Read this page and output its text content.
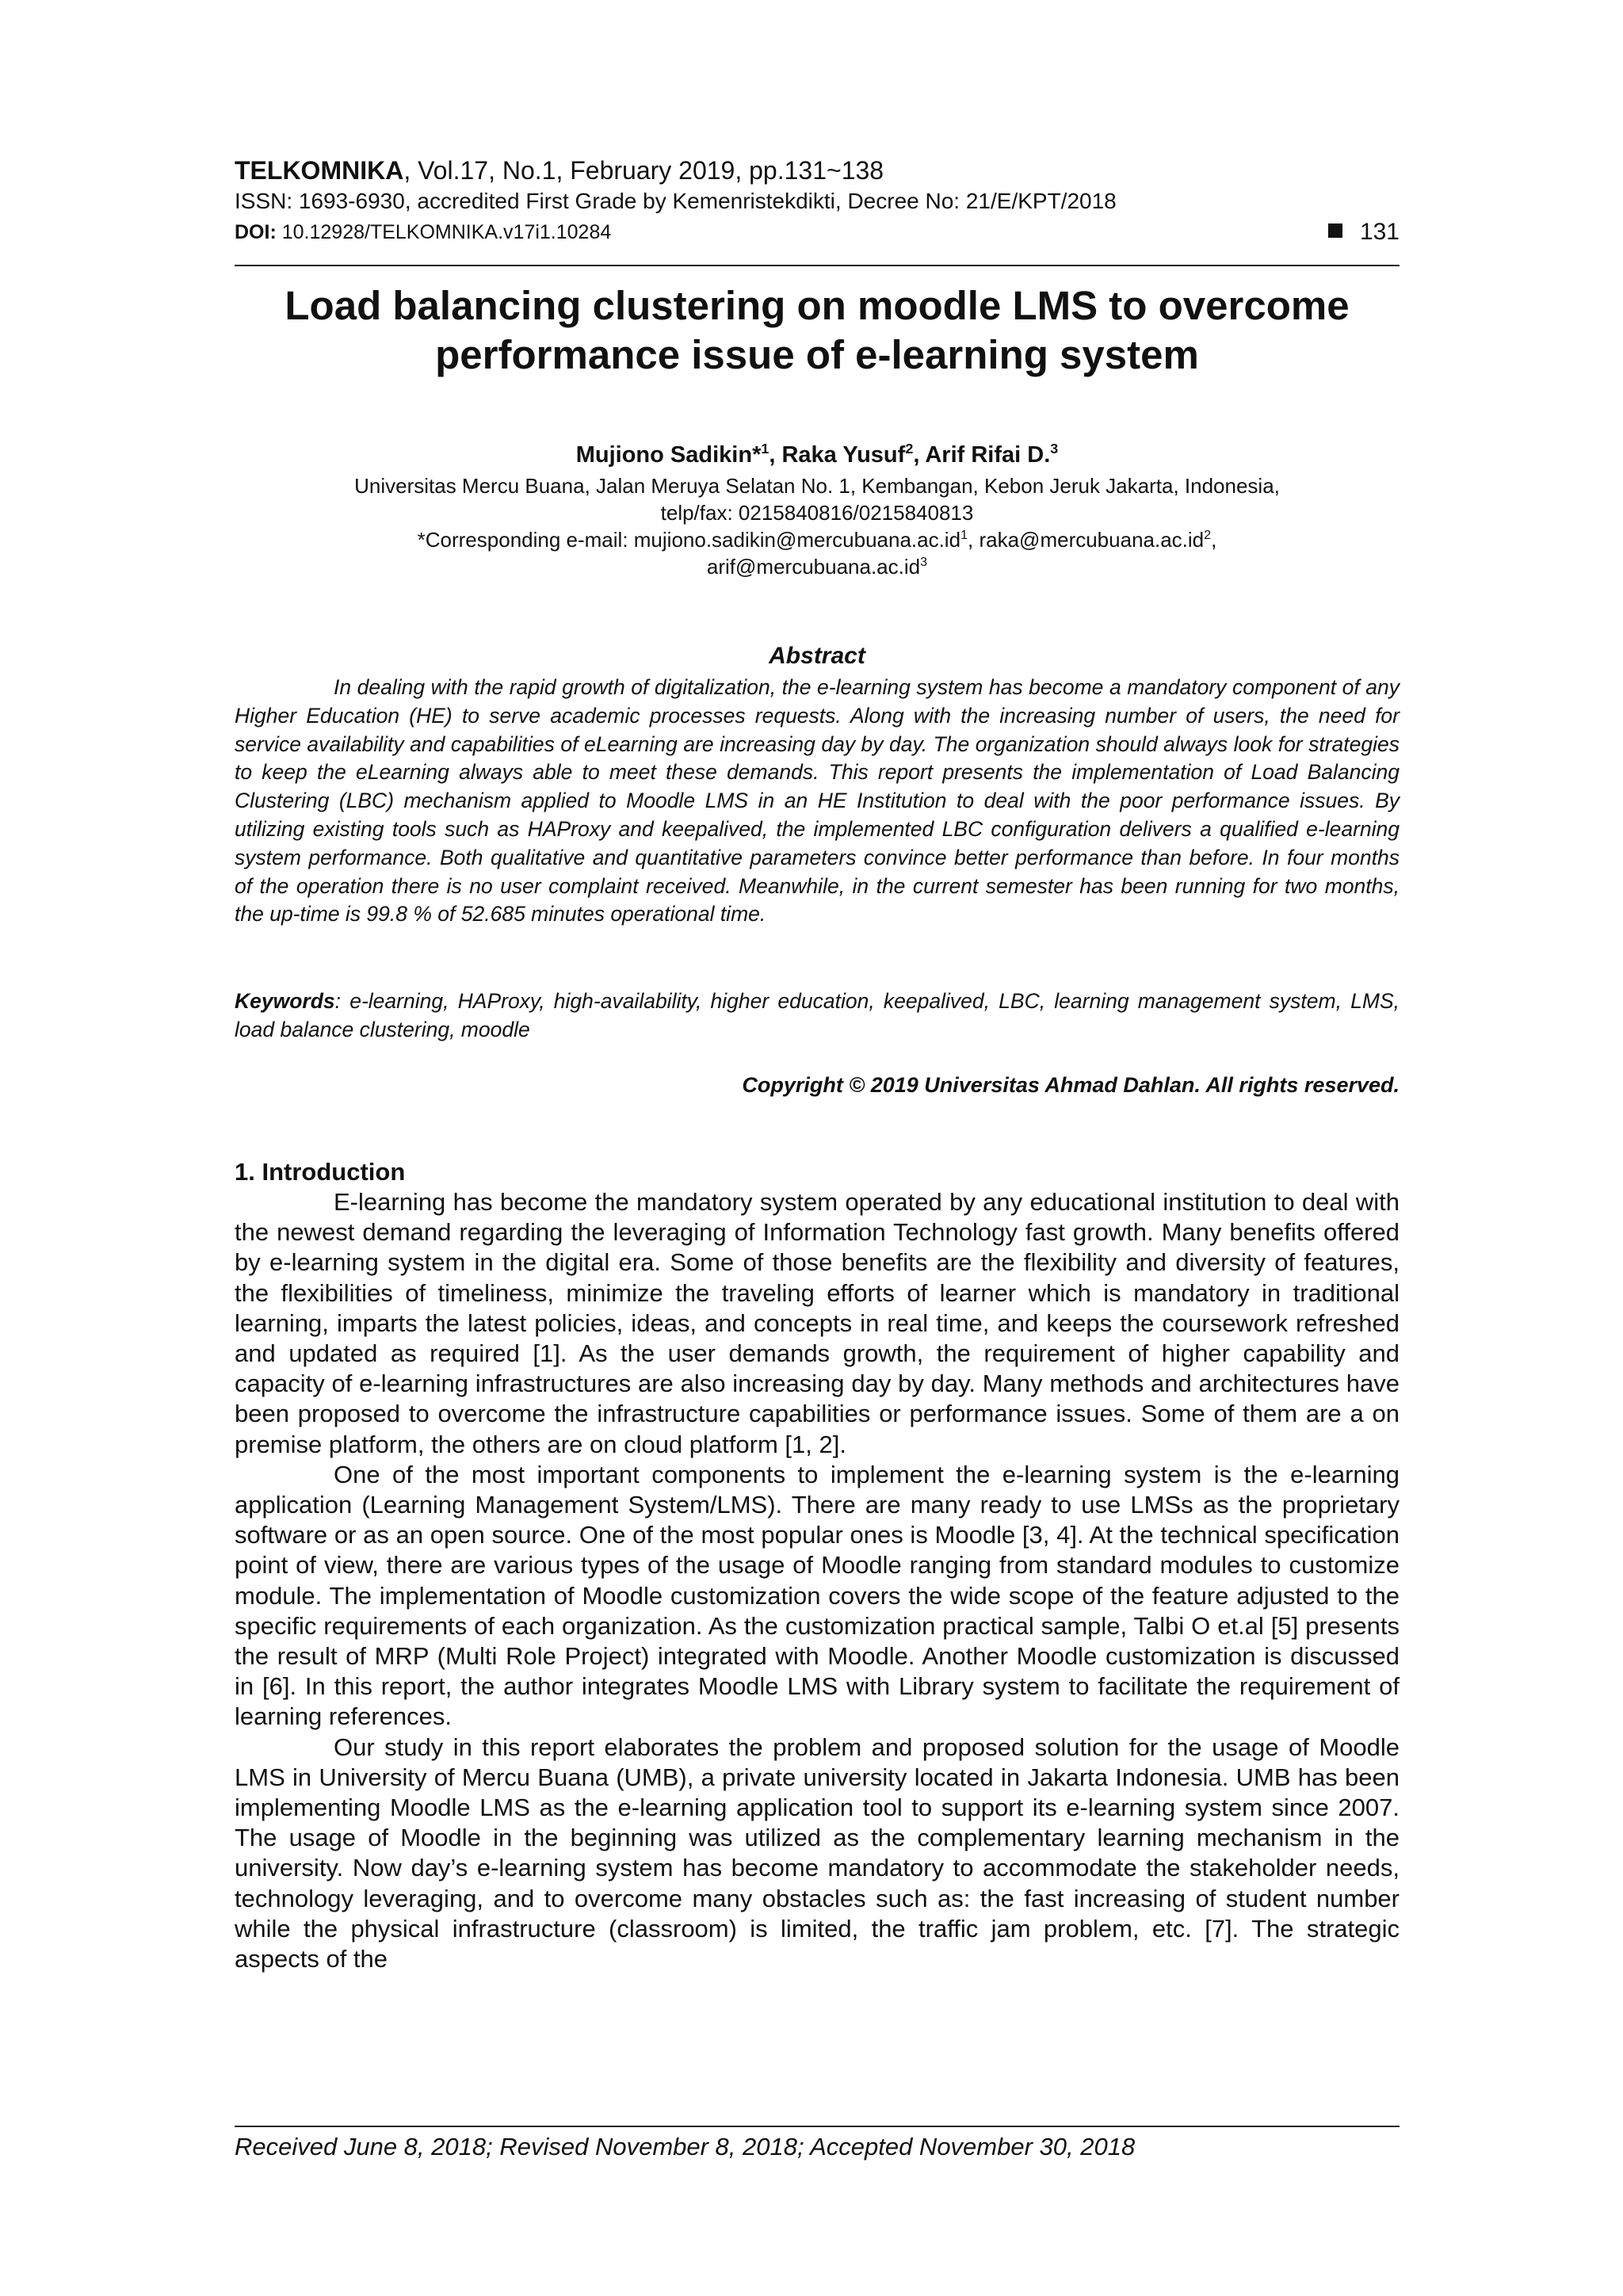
TELKOMNIKA, Vol.17, No.1, February 2019, pp.131~138
ISSN: 1693-6930, accredited First Grade by Kemenristekdikti, Decree No: 21/E/KPT/2018
DOI: 10.12928/TELKOMNIKA.v17i1.10284	131
Load balancing clustering on moodle LMS to overcome
performance issue of e-learning system
Mujiono Sadikin*$^1$, Raka Yusuf$^2$, Arif Rifai D.$^3$
Universitas Mercu Buana, Jalan Meruya Selatan No. 1, Kembangan, Kebon Jeruk Jakarta, Indonesia,
telp/fax: 0215840816/0215840813
*Corresponding e-mail: $mujiono.sadikin@mercubuana.ac.id^1$, $raka@mercubuana.ac.id^2$,
$arif@mercubuana.ac.id^3$
Abstract
In dealing with the rapid growth of digitalization, the e-learning system has become a mandatory component of any Higher Education (HE) to serve academic processes requests. Along with the increasing number of users, the need for service availability and capabilities of eLearning are increasing day by day. The organization should always look for strategies to keep the eLearning always able to meet these demands. This report presents the implementation of Load Balancing Clustering (LBC) mechanism applied to Moodle LMS in an HE Institution to deal with the poor performance issues. By utilizing existing tools such as HAProxy and keepalived, the implemented LBC configuration delivers a qualified e-learning system performance. Both qualitative and quantitative parameters convince better performance than before. In four months of the operation there is no user complaint received. Meanwhile, in the current semester has been running for two months, the up-time is 99.8 % of 52.685 minutes operational time.
Keywords: e-learning, HAProxy, high-availability, higher education, keepalived, LBC, learning management system, LMS, load balance clustering, moodle
Copyright © 2019 Universitas Ahmad Dahlan. All rights reserved.
1. Introduction

E-learning has become the mandatory system operated by any educational institution to deal with the newest demand regarding the leveraging of Information Technology fast growth. Many benefits offered by e-learning system in the digital era. Some of those benefits are the flexibility and diversity of features, the flexibilities of timeliness, minimize the traveling efforts of learner which is mandatory in traditional learning, imparts the latest policies, ideas, and concepts in real time, and keeps the coursework refreshed and updated as required [1]. As the user demands growth, the requirement of higher capability and capacity of e-learning infrastructures are also increasing day by day. Many methods and architectures have been proposed to overcome the infrastructure capabilities or performance issues. Some of them are a on premise platform, the others are on cloud platform [1, 2].

One of the most important components to implement the e-learning system is the e-learning application (Learning Management System/LMS). There are many ready to use LMSs as the proprietary software or as an open source. One of the most popular ones is Moodle [3, 4]. At the technical specification point of view, there are various types of the usage of Moodle ranging from standard modules to customize module. The implementation of Moodle customization covers the wide scope of the feature adjusted to the specific requirements of each organization. As the customization practical sample, Talbi O et.al [5] presents the result of MRP (Multi Role Project) integrated with Moodle. Another Moodle customization is discussed in [6]. In this report, the author integrates Moodle LMS with Library system to facilitate the requirement of learning references.

Our study in this report elaborates the problem and proposed solution for the usage of Moodle LMS in University of Mercu Buana (UMB), a private university located in Jakarta Indonesia. UMB has been implementing Moodle LMS as the e-learning application tool to support its e-learning system since 2007. The usage of Moodle in the beginning was utilized as the complementary learning mechanism in the university. Now day’s e-learning system has become mandatory to accommodate the stakeholder needs, technology leveraging, and to overcome many obstacles such as: the fast increasing of student number while the physical infrastructure (classroom) is limited, the traffic jam problem, etc. [7]. The strategic aspects of the

Received June 8, 2018; Revised November 8, 2018; Accepted November 30, 2018
